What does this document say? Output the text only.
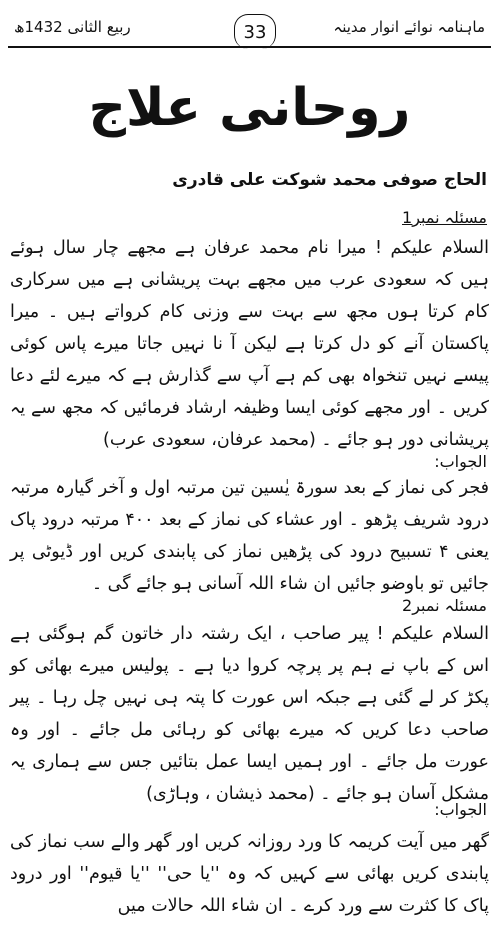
ماہنامہ نوائے انوار مدینہ
33
ربیع الثانی 1432ھ
روحانی علاج
الحاج صوفی محمد شوکت علی قادری
مسئلہ نمبر1
السلام علیکم ! میرا نام محمد عرفان ہے مجھے چار سال ہوئے ہیں کہ سعودی عرب میں مجھے بہت پریشانی ہے میں سرکاری کام کرتا ہوں مجھ سے بہت سے وزنی کام کرواتے ہیں ۔ میرا پاکستان آنے کو دل کرتا ہے لیکن آ نا نہیں جاتا میرے پاس کوئی پیسے نہیں تنخواہ بھی کم ہے آپ سے گذارش ہے کہ میرے لئے دعا کریں ۔ اور مجھے کوئی ایسا وظیفہ ارشاد فرمائیں کہ مجھ سے یہ پریشانی دور ہو جائے ۔ (محمد عرفان، سعودی عرب)
الجواب:
فجر کی نماز کے بعد سورۃ یٰسین تین مرتبہ اول و آخر گیارہ مرتبہ درود شریف پڑھو ۔ اور عشاء کی نماز کے بعد ۴۰۰ مرتبہ درود پاک یعنی ۴ تسبیح درود کی پڑھیں نماز کی پابندی کریں اور ڈیوٹی پر جائیں تو باوضو جائیں ان شاء اللہ آسانی ہو جائے گی ۔
مسئلہ نمبر2
السلام علیکم ! پیر صاحب ، ایک رشتہ دار خاتون گم ہوگئی ہے اس کے باپ نے ہم پر پرچہ کروا دیا ہے ۔ پولیس میرے بھائی کو پکڑ کر لے گئی ہے جبکہ اس عورت کا پتہ ہی نہیں چل رہا ۔ پیر صاحب دعا کریں کہ میرے بھائی کو رہائی مل جائے ۔ اور وہ عورت مل جائے ۔ اور ہمیں ایسا عمل بتائیں جس سے ہماری یہ مشکل آسان ہو جائے ۔ (محمد ذیشان ، وہاڑی)
الجواب:
گھر میں آیت کریمہ کا ورد روزانہ کریں اور گھر والے سب نماز کی پابندی کریں بھائی سے کہیں کہ وہ ''یا حی'' ''یا قیوم'' اور درود پاک کا کثرت سے ورد کرے ۔ ان شاء اللہ حالات میں
